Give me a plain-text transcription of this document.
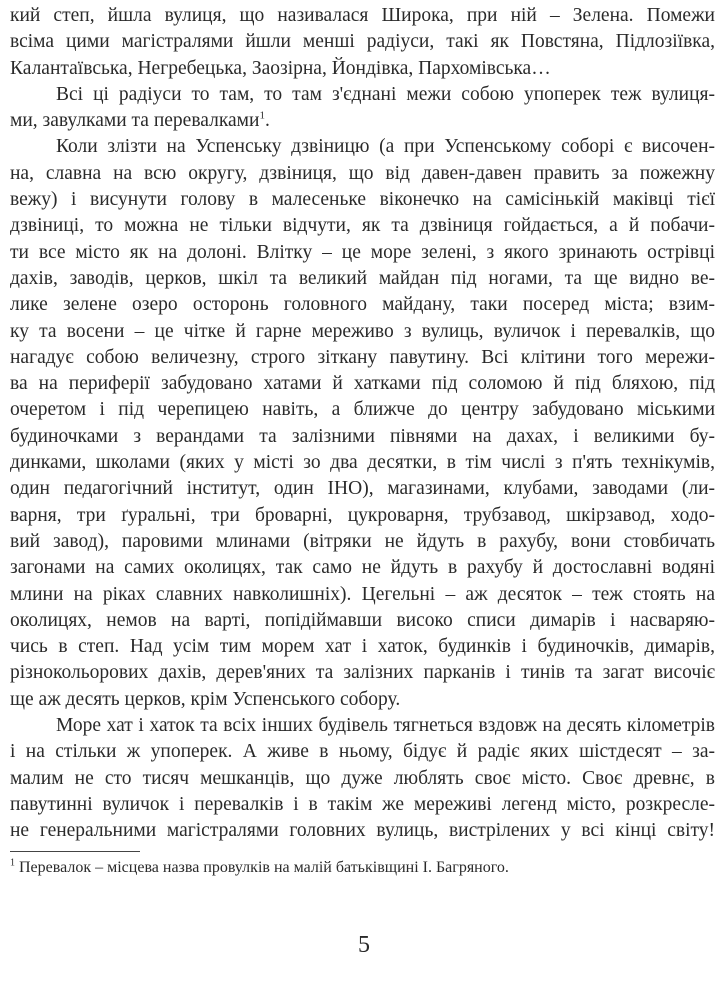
кий степ, йшла вулиця, що називалася Широка, при ній – Зелена. Помежи
всіма цими магістралями йшли менші радіуси, такі як Повстяна, Підлозіївка,
Калантаївська, Негребецька, Заозірна, Йондівка, Пархомівська…
Всі ці радіуси то там, то там з'єднані межи собою упоперек теж вулиця-
ми, завулками та перевалками$^1$.
Коли злізти на Успенську дзвіницю (а при Успенському соборі є височен-
на, славна на всю округу, дзвіниця, що від давен-давен править за пожежну
вежу) і висунути голову в малесеньке віконечко на самісінькій маківці тієї
дзвіниці, то можна не тільки відчути, як та дзвіниця гойдається, а й побачи-
ти все місто як на долоні. Влітку – це море зелені, з якого зринають острівці
дахів, заводів, церков, шкіл та великий майдан під ногами, та ще видно ве-
лике зелене озеро осторонь головного майдану, таки посеред міста; взим-
ку та восени – це чітке й гарне мереживо з вулиць, вуличок і перевалків, що
нагадує собою величезну, строго зіткану павутину. Всі клітини того мережи-
ва на периферії забудовано хатами й хатками під соломою й під бляхою, під
очеретом і під черепицею навіть, а ближче до центру забудовано міськими
будиночками з верандами та залізними півнями на дахах, і великими бу-
динками, школами (яких у місті зо два десятки, в тім числі з п'ять технікумів,
один педагогічний інститут, один ІНО), магазинами, клубами, заводами (ли-
варня, три ґуральні, три броварні, цукроварня, трубзавод, шкірзавод, ходо-
вий завод), паровими млинами (вітряки не йдуть в рахубу, вони стовбичать
загонами на самих околицях, так само не йдуть в рахубу й достославні водяні
млини на ріках славних навколишніх). Цегельні – аж десяток – теж стоять на
околицях, немов на варті, попідіймавши високо списи димарів і насваряю-
чись в степ. Над усім тим морем хат і хаток, будинків і будиночків, димарів,
різнокольорових дахів, дерев'яних та залізних парканів і тинів та загат височіє
ще аж десять церков, крім Успенського собору.
Море хат і хаток та всіх інших будівель тягнеться вздовж на десять кілометрів
і на стільки ж упоперек. А живе в ньому, бідує й радіє яких шістдесят – за-
малим не сто тисяч мешканців, що дуже люблять своє місто. Своє древнє, в
павутинні вуличок і перевалків і в такім же мереживі легенд місто, розкресле-
не генеральними магістралями головних вулиць, вистрілених у всі кінці світу!
$^1$ Перевалок – місцева назва провулків на малій батьківщині І. Багряного.
5
